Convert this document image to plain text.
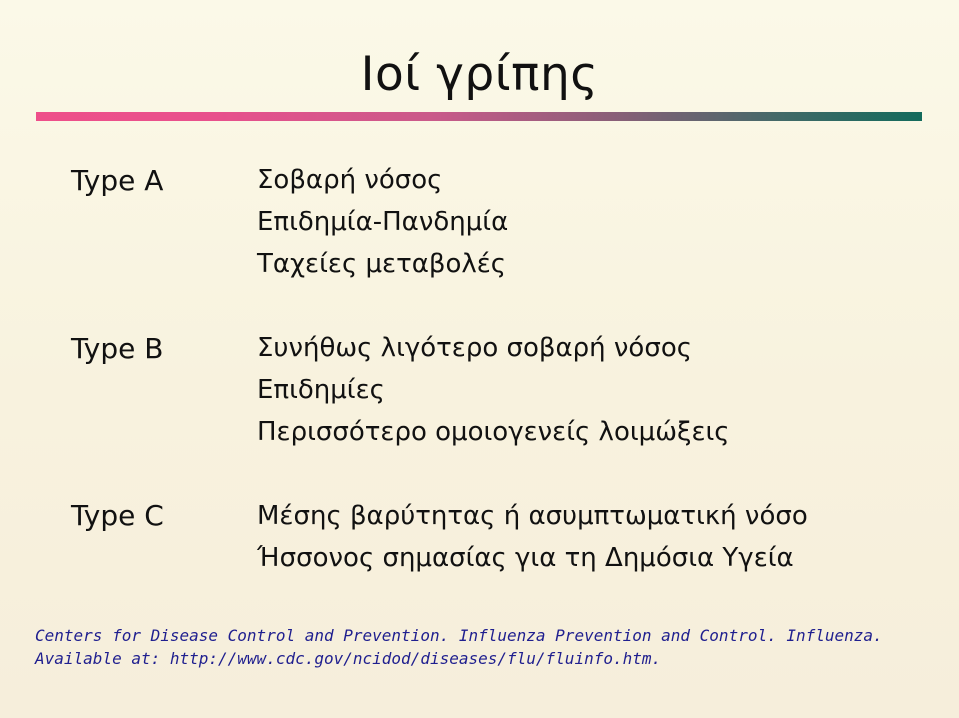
Ιοί γρίπης
Type A	Σοβαρή νόσος
Επιδημία-Πανδημία
Ταχείες μεταβολές
Type B	Συνήθως λιγότερο σοβαρή νόσος
Επιδημίες
Περισσότερο ομοιογενείς λοιμώξεις
Type C	Μέσης βαρύτητας ή ασυμπτωματική νόσο
Ήσσονος σημασίας για τη Δημόσια Υγεία
Centers for Disease Control and Prevention. Influenza Prevention and Control. Influenza.
Available at: http://www.cdc.gov/ncidod/diseases/flu/fluinfo.htm.
